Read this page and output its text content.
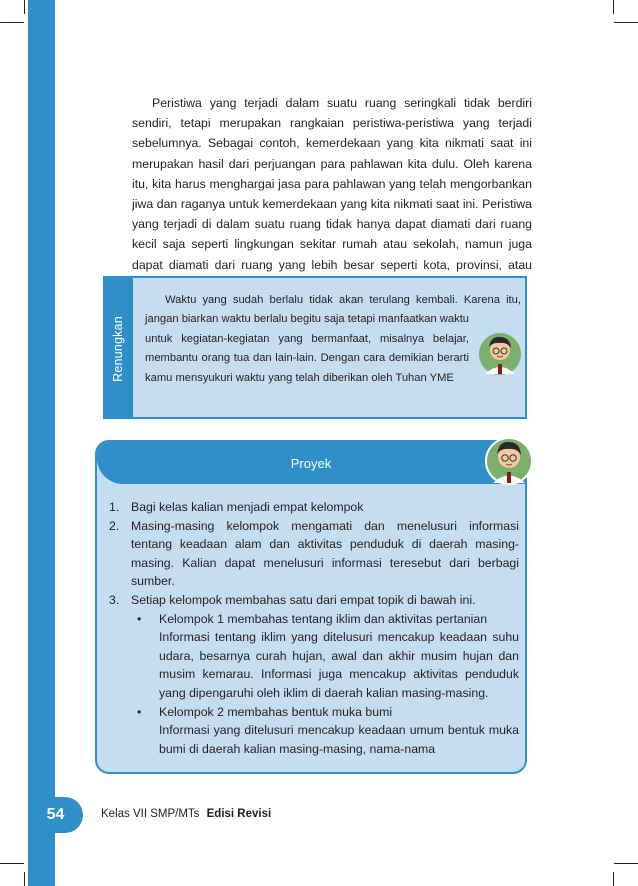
Peristiwa yang terjadi dalam suatu ruang seringkali tidak berdiri sendiri, tetapi merupakan rangkaian peristiwa-peristiwa yang terjadi sebelumnya. Sebagai contoh, kemerdekaan yang kita nikmati saat ini merupakan hasil dari perjuangan para pahlawan kita dulu. Oleh karena itu, kita harus menghargai jasa para pahlawan yang telah mengorbankan jiwa dan raganya untuk kemerdekaan yang kita nikmati saat ini. Peristiwa yang terjadi di dalam suatu ruang tidak hanya dapat diamati dari ruang kecil saja seperti lingkungan sekitar rumah atau sekolah, namun juga dapat diamati dari ruang yang lebih besar seperti kota, provinsi, atau

Renungkan

Waktu yang sudah berlalu tidak akan terulang kembali. Karena itu, jangan biarkan waktu berlalu begitu saja tetapi manfaatkan waktu

untuk kegiatan-kegiatan yang bermanfaat, misalnya belajar, membantu orang tua dan lain-lain. Dengan cara demikian berarti kamu mensyukuri waktu yang telah diberikan oleh Tuhan YME
Proyek
1. Bagi kelas kalian menjadi empat kelompok
2. Masing-masing kelompok mengamati dan menelusuri informasi tentang keadaan alam dan aktivitas penduduk di daerah masing-masing. Kalian dapat menelusuri informasi teresebut dari berbagi sumber.
3. Setiap kelompok membahas satu dari empat topik di bawah ini.
• Kelompok 1 membahas tentang iklim dan aktivitas pertanian
Informasi tentang iklim yang ditelusuri mencakup keadaan suhu udara, besarnya curah hujan, awal dan akhir musim hujan dan musim kemarau. Informasi juga mencakup aktivitas penduduk yang dipengaruhi oleh iklim di daerah kalian masing-masing.
• Kelompok 2 membahas bentuk muka bumi
Informasi yang ditelusuri mencakup keadaan umum bentuk muka bumi di daerah kalian masing-masing, nama-nama
54	Kelas VII SMP/MTs Edisi Revisi
